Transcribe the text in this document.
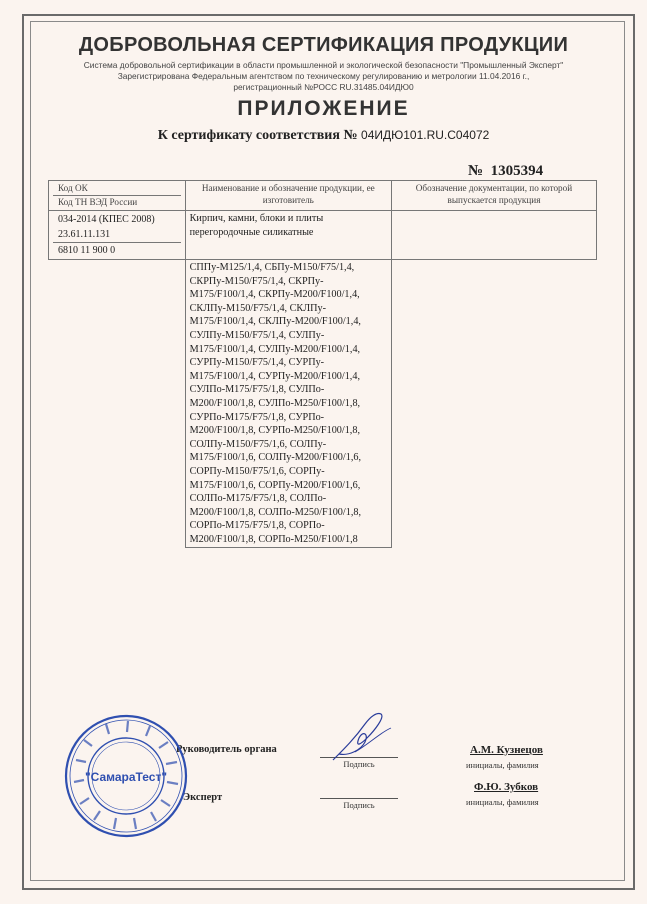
ДОБРОВОЛЬНАЯ СЕРТИФИКАЦИЯ ПРОДУКЦИИ
Система добровольной сертификации в области промышленной и экологической безопасности "Промышленный Эксперт"
Зарегистрирована Федеральным агентством по техническому регулированию и метрологии 11.04.2016 г.,
регистрационный №РОСС RU.31485.04ИДЮ0
ПРИЛОЖЕНИЕ
К сертификату соответствия № 04ИДЮ101.RU.C04072
№ 1305394
Код ОК
Код ТН ВЭД России	Наименование и обозначение продукции, ее изготовитель	Обозначение документации, по которой выпускается продукция

034-2014 (КПЕС 2008)
23.61.11.131
6810 11 900 0	Кирпич, камни, блоки и плиты перегородочные силикатные	

	СППу-М125/1,4, СБПу-М150/F75/1,4, СКРПу-М150/F75/1,4, СКРПу-М175/F100/1,4, СКРПу-М200/F100/1,4, СКЛПу-М150/F75/1,4, СКЛПу-М175/F100/1,4, СКЛПу-М200/F100/1,4, СУЛПу-М150/F75/1,4, СУЛПу-М175/F100/1,4, СУЛПу-М200/F100/1,4, СУРПу-М150/F75/1,4, СУРПу-М175/F100/1,4, СУРПу-М200/F100/1,4, СУЛПо-М175/F75/1,8, СУЛПо-М200/F100/1,8, СУЛПо-М250/F100/1,8, СУРПо-М175/F75/1,8, СУРПо-М200/F100/1,8, СУРПо-М250/F100/1,8, СОЛПу-М150/F75/1,6, СОЛПу-М175/F100/1,6, СОЛПу-М200/F100/1,6, СОРПу-М150/F75/1,6, СОРПу-М175/F100/1,6, СОРПу-М200/F100/1,6, СОЛПо-М175/F75/1,8, СОЛПо-М200/F100/1,8, СОЛПо-М250/F100/1,8, СОРПо-М175/F75/1,8, СОРПо-М200/F100/1,8, СОРПо-М250/F100/1,8	

Руководитель органа
Подпись
А.М. Кузнецов
инициалы, фамилия
Эксперт
Подпись
Ф.Ю. Зубков
инициалы, фамилия
"СамараТест"
